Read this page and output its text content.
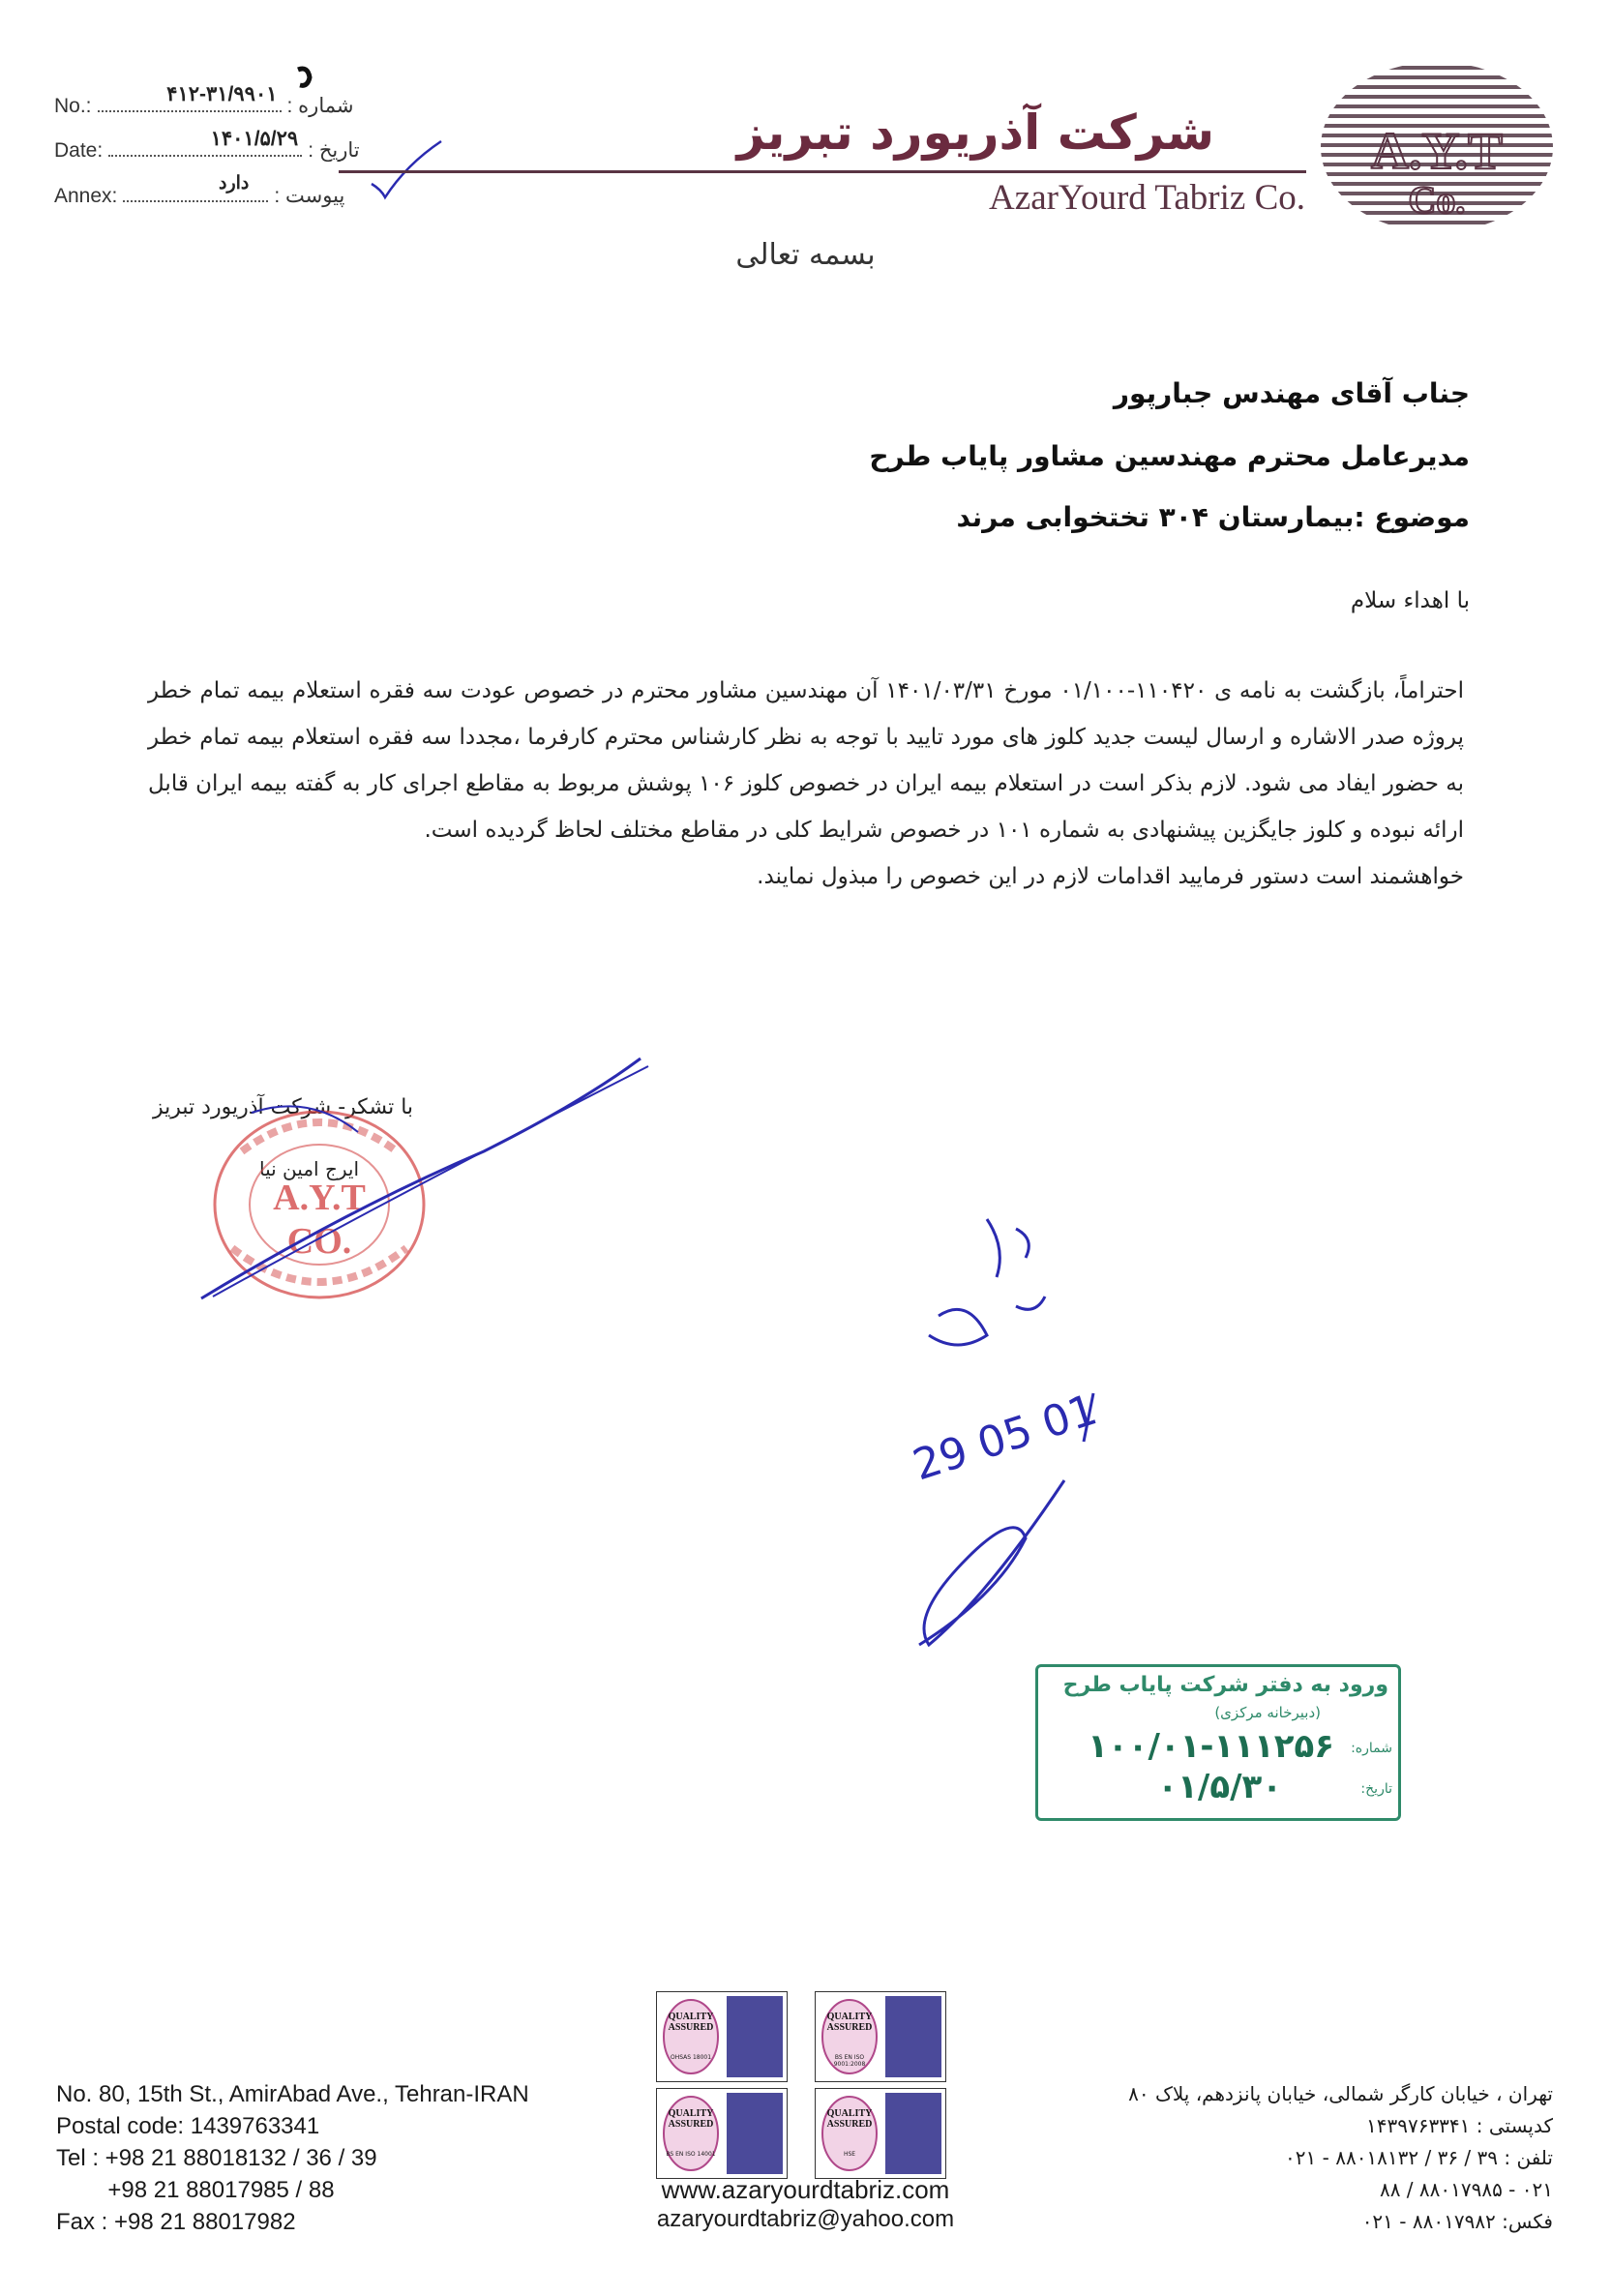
No.:
۴۱۲-۳۱/۹۹۰۱
شماره :
Date:
۱۴۰۱/۵/۲۹
تاریخ :
Annex:
دارد
پیوست :
شرکت آذریورد تبریز
AzarYourd Tabriz Co.
A.Y.T
Co.
بسمه تعالی
جناب آقای مهندس جبارپور
مدیرعامل محترم مهندسین مشاور پایاب طرح
موضوع :بیمارستان ۳۰۴ تختخوابی مرند
با اهداء سلام

احتراماً، بازگشت به نامه ی ۱۱۰۴۲۰-۰۱/۱۰۰ مورخ ۱۴۰۱/۰۳/۳۱ آن مهندسین مشاور محترم در خصوص عودت سه فقره استعلام بیمه تمام خطر پروژه صدر الاشاره و ارسال لیست جدید کلوز های مورد تایید با توجه به نظر کارشناس محترم کارفرما ،مجددا سه فقره استعلام بیمه تمام خطر به حضور ایفاد می شود. لازم بذکر است در استعلام بیمه ایران در خصوص کلوز ۱۰۶ پوشش مربوط به مقاطع اجرای کار به گفته بیمه ایران قابل ارائه نبوده و کلوز جایگزین پیشنهادی به شماره ۱۰۱ در خصوص شرایط کلی در مقاطع مختلف لحاظ گردیده است.

خواهشمند است دستور فرمایید اقدامات لازم در این خصوص را مبذول نمایند.

با تشکر- شرکت آذریورد تبریز
ایرج امین نیا
A.Y.T
CO.
29 05 01
ورود به دفتر شرکت پایاب طرح
(دبیرخانه مرکزی)
شماره:
۱۰۰/۰۱-۱۱۱۲۵۶
تاریخ:
۰۱/۵/۳۰
QUALITY ASSURED
OHSAS 18001
QUALITY ASSURED
BS EN ISO 9001:2008
QUALITY ASSURED
BS EN ISO 14001
QUALITY ASSURED
HSE
No. 80, 15th St., AmirAbad Ave., Tehran-IRAN
Postal code: 1439763341
Tel : +98 21 88018132 / 36 / 39
+98 21 88017985 / 88
Fax : +98 21 88017982
تهران ، خیابان کارگر شمالی، خیابان پانزدهم، پلاک ۸۰
کدپستی : ۱۴۳۹۷۶۳۳۴۱
تلفن : ۳۹ / ۳۶ / ۸۸۰۱۸۱۳۲ - ۰۲۱
۰۲۱ - ۸۸۰۱۷۹۸۵ / ۸۸
فکس: ۸۸۰۱۷۹۸۲ - ۰۲۱
www.azaryourdtabriz.com
azaryourdtabriz@yahoo.com
